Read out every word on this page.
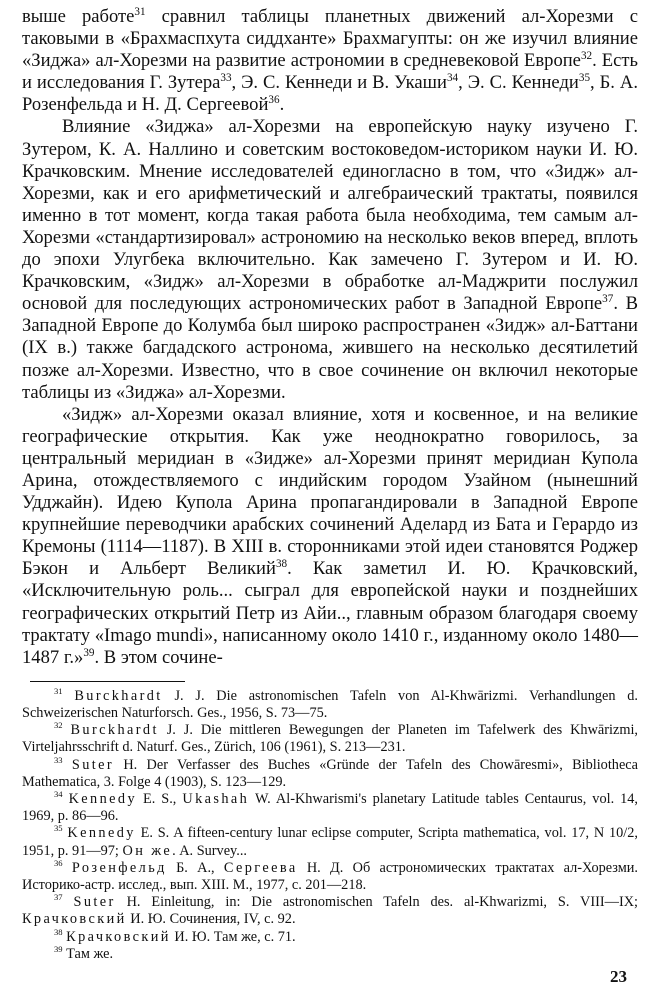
выше работе$^{31}$ сравнил таблицы планетных движений ал-Хорезми с таковыми в «Брахмаспхута сиддханте» Брахмагупты: он же изучил влияние «Зиджа» ал-Хорезми на развитие астрономии в средневековой Европе$^{32}$. Есть и исследования Г. Зутера$^{33}$, Э. С. Кеннеди и В. Укаши$^{34}$, Э. С. Кеннеди$^{35}$, Б. А. Розенфельда и Н. Д. Сергеевой$^{36}$.

Влияние «Зиджа» ал-Хорезми на европейскую науку изучено Г. Зутером, К. А. Наллино и советским востоковедом-историком науки И. Ю. Крачковским. Мнение исследователей единогласно в том, что «Зидж» ал-Хорезми, как и его арифметический и алгебраический трактаты, появился именно в тот момент, когда такая работа была необходима, тем самым ал-Хорезми «стандартизировал» астрономию на несколько веков вперед, вплоть до эпохи Улугбека включительно. Как замечено Г. Зутером и И. Ю. Крачковским, «Зидж» ал-Хорезми в обработке ал-Маджрити послужил основой для последующих астрономических работ в Западной Европе$^{37}$. В Западной Европе до Колумба был широко распространен «Зидж» ал-Баттани (IX в.) также багдадского астронома, жившего на несколько десятилетий позже ал-Хорезми. Известно, что в свое сочинение он включил некоторые таблицы из «Зиджа» ал-Хорезми.

«Зидж» ал-Хорезми оказал влияние, хотя и косвенное, и на великие географические открытия. Как уже неоднократно говорилось, за центральный меридиан в «Зидже» ал-Хорезми принят меридиан Купола Арина, отождествляемого с индийским городом Узайном (нынешний Удджайн). Идею Купола Арина пропагандировали в Западной Европе крупнейшие переводчики арабских сочинений Аделард из Бата и Герардо из Кремоны (1114—1187). В XIII в. сторонниками этой идеи становятся Роджер Бэкон и Альберт Великий$^{38}$. Как заметил И. Ю. Крачковский, «Исключительную роль... сыграл для европейской науки и позднейших географических открытий Петр из Айи.., главным образом благодаря своему трактату «Imago mundi», написанному около 1410 г., изданному около 1480—1487 г.»$^{39}$. В этом сочине-

$^{31}$ Burckhardt J. J. Die astronomischen Tafeln von Al-Khwārizmi. Verhandlungen d. Schweizerischen Naturforsch. Ges., 1956, S. 73—75.

$^{32}$ Burckhardt J. J. Die mittleren Bewegungen der Planeten im Tafelwerk des Khwārizmi, Virteljahrsschrift d. Naturf. Ges., Zürich, 106 (1961), S. 213—231.

$^{33}$ Suter H. Der Verfasser des Buches «Gründe der Tafeln des Chowāresmi», Bibliotheca Mathematica, 3. Folge 4 (1903), S. 123—129.

$^{34}$ Kennedy E. S., Ukashah W. Al-Khwarismi's planetary Latitude tables Centaurus, vol. 14, 1969, p. 86—96.

$^{35}$ Kennedy E. S. A fifteen-century lunar eclipse computer, Scripta mathematica, vol. 17, N 10/2, 1951, p. 91—97; Он же. A. Survey...

$^{36}$ Розенфельд Б. А., Сергеева Н. Д. Об астрономических трактатах ал-Хорезми. Историко-астр. исслед., вып. XIII. М., 1977, с. 201—218.

$^{37}$ Suter H. Einleitung, in: Die astronomischen Tafeln des. al-Khwarizmi, S. VIII—IX; Крачковский И. Ю. Сочинения, IV, с. 92.

$^{38}$ Крачковский И. Ю. Там же, с. 71.

$^{39}$ Там же.

23
